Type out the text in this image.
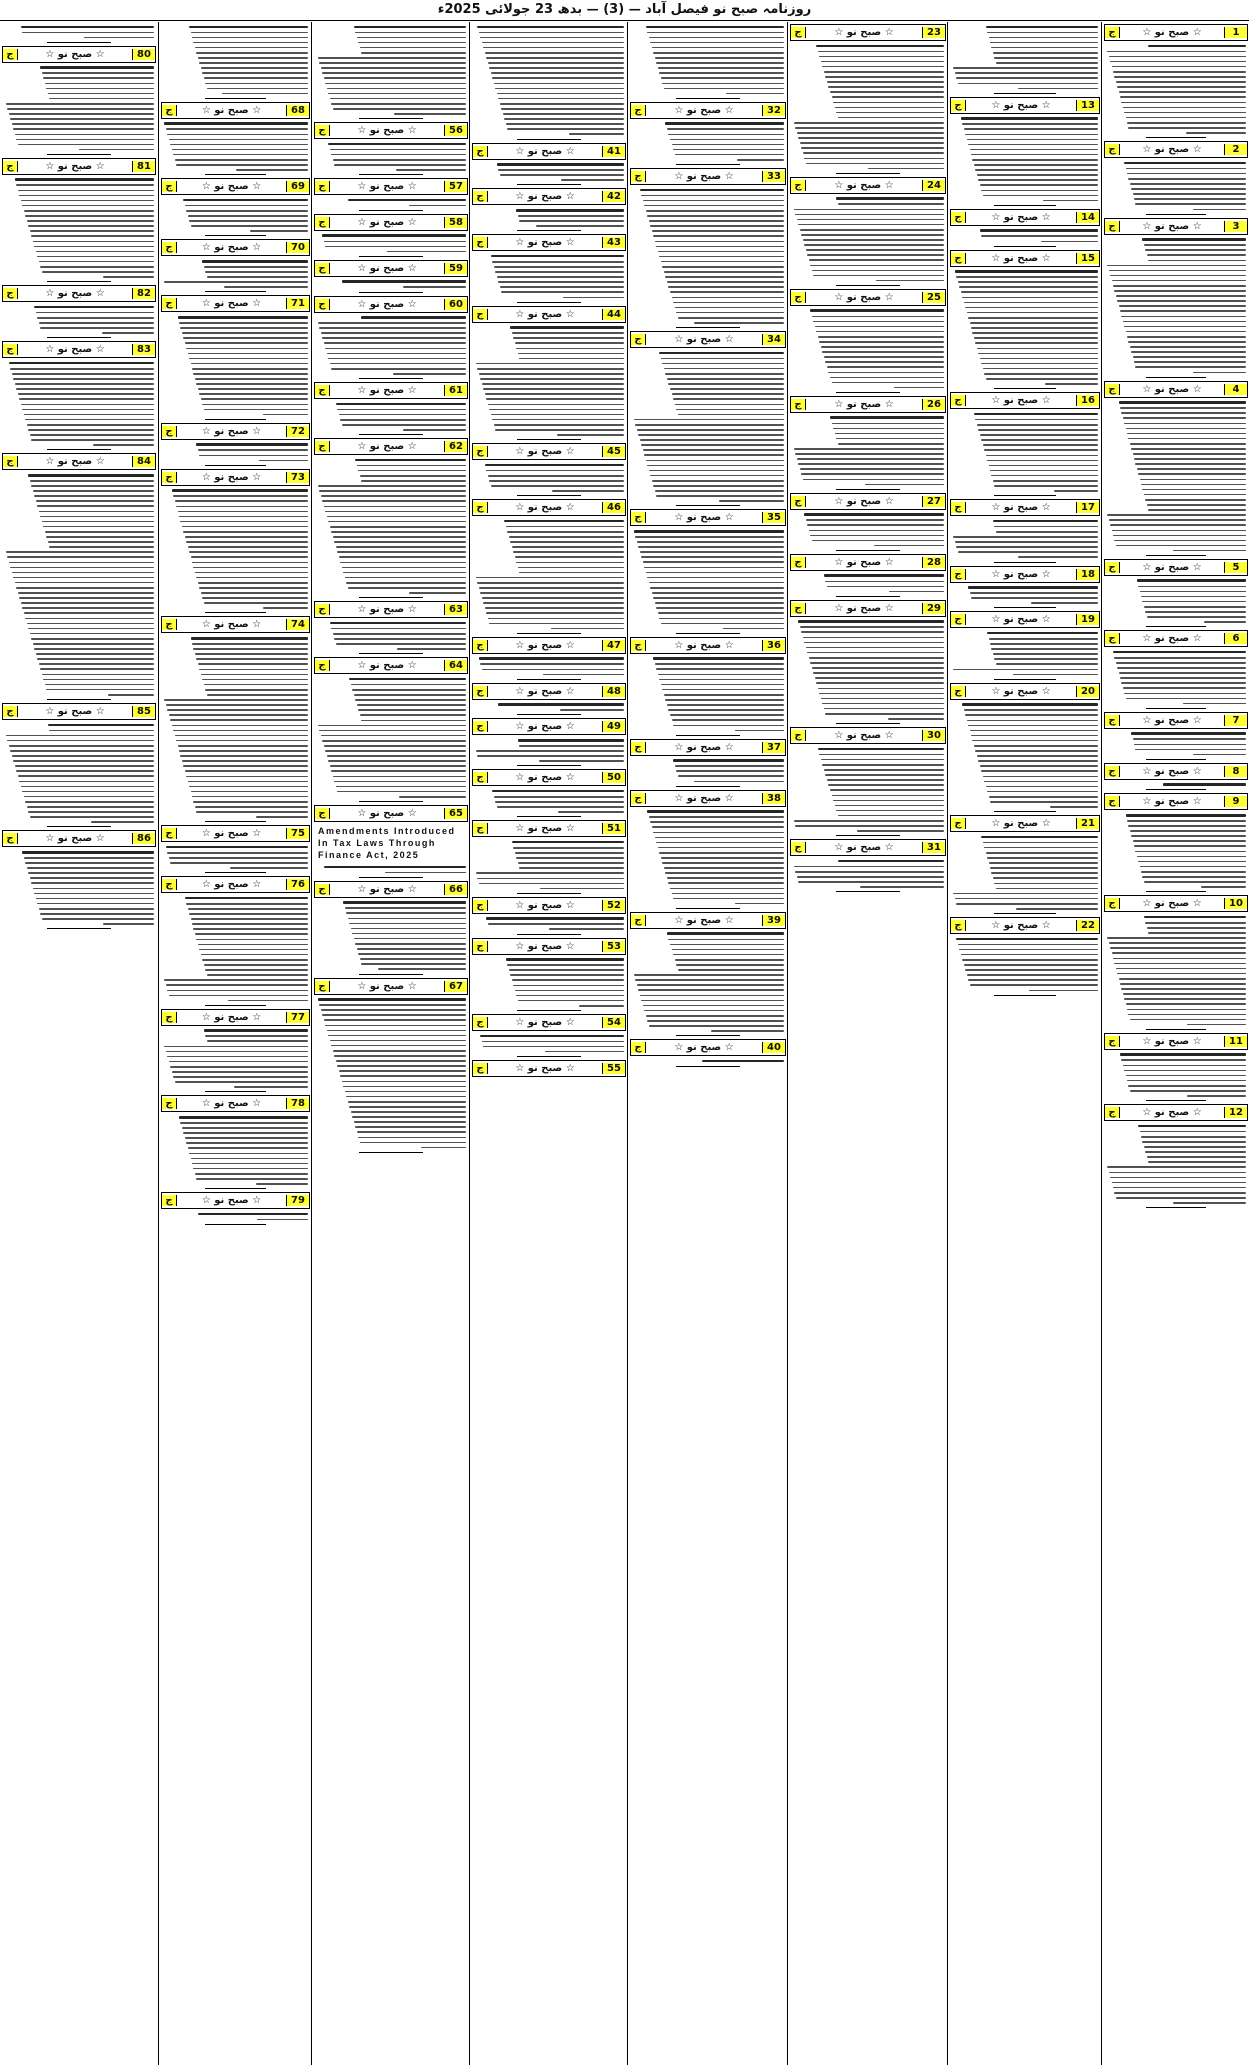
روزنامہ صبح نو فیصل آباد — (3) — بدھ 23 جولائی 2025ء
1
☆ صبح نو ☆
ج
2
☆ صبح نو ☆
ج
3
☆ صبح نو ☆
ج
4
☆ صبح نو ☆
ج
5
☆ صبح نو ☆
ج
6
☆ صبح نو ☆
ج
7
☆ صبح نو ☆
ج
8
☆ صبح نو ☆
ج
9
☆ صبح نو ☆
ج
10
☆ صبح نو ☆
ج
11
☆ صبح نو ☆
ج
12
☆ صبح نو ☆
ج
13
☆ صبح نو ☆
ج
14
☆ صبح نو ☆
ج
15
☆ صبح نو ☆
ج
16
☆ صبح نو ☆
ج
17
☆ صبح نو ☆
ج
18
☆ صبح نو ☆
ج
19
☆ صبح نو ☆
ج
20
☆ صبح نو ☆
ج
21
☆ صبح نو ☆
ج
22
☆ صبح نو ☆
ج
23
☆ صبح نو ☆
ج
24
☆ صبح نو ☆
ج
25
☆ صبح نو ☆
ج
26
☆ صبح نو ☆
ج
27
☆ صبح نو ☆
ج
28
☆ صبح نو ☆
ج
29
☆ صبح نو ☆
ج
30
☆ صبح نو ☆
ج
31
☆ صبح نو ☆
ج
32
☆ صبح نو ☆
ج
33
☆ صبح نو ☆
ج
34
☆ صبح نو ☆
ج
35
☆ صبح نو ☆
ج
36
☆ صبح نو ☆
ج
37
☆ صبح نو ☆
ج
38
☆ صبح نو ☆
ج
39
☆ صبح نو ☆
ج
40
☆ صبح نو ☆
ج
41
☆ صبح نو ☆
ج
42
☆ صبح نو ☆
ج
43
☆ صبح نو ☆
ج
44
☆ صبح نو ☆
ج
45
☆ صبح نو ☆
ج
46
☆ صبح نو ☆
ج
47
☆ صبح نو ☆
ج
48
☆ صبح نو ☆
ج
49
☆ صبح نو ☆
ج
50
☆ صبح نو ☆
ج
51
☆ صبح نو ☆
ج
52
☆ صبح نو ☆
ج
53
☆ صبح نو ☆
ج
54
☆ صبح نو ☆
ج
55
☆ صبح نو ☆
ج
56
☆ صبح نو ☆
ج
57
☆ صبح نو ☆
ج
58
☆ صبح نو ☆
ج
59
☆ صبح نو ☆
ج
60
☆ صبح نو ☆
ج
61
☆ صبح نو ☆
ج
62
☆ صبح نو ☆
ج
63
☆ صبح نو ☆
ج
64
☆ صبح نو ☆
ج
65
☆ صبح نو ☆
ج
Amendments Introduced In Tax Laws Through Finance Act, 2025
66
☆ صبح نو ☆
ج
67
☆ صبح نو ☆
ج
68
☆ صبح نو ☆
ج
69
☆ صبح نو ☆
ج
70
☆ صبح نو ☆
ج
71
☆ صبح نو ☆
ج
72
☆ صبح نو ☆
ج
73
☆ صبح نو ☆
ج
74
☆ صبح نو ☆
ج
75
☆ صبح نو ☆
ج
76
☆ صبح نو ☆
ج
77
☆ صبح نو ☆
ج
78
☆ صبح نو ☆
ج
79
☆ صبح نو ☆
ج
80
☆ صبح نو ☆
ج
81
☆ صبح نو ☆
ج
82
☆ صبح نو ☆
ج
83
☆ صبح نو ☆
ج
84
☆ صبح نو ☆
ج
85
☆ صبح نو ☆
ج
86
☆ صبح نو ☆
ج
